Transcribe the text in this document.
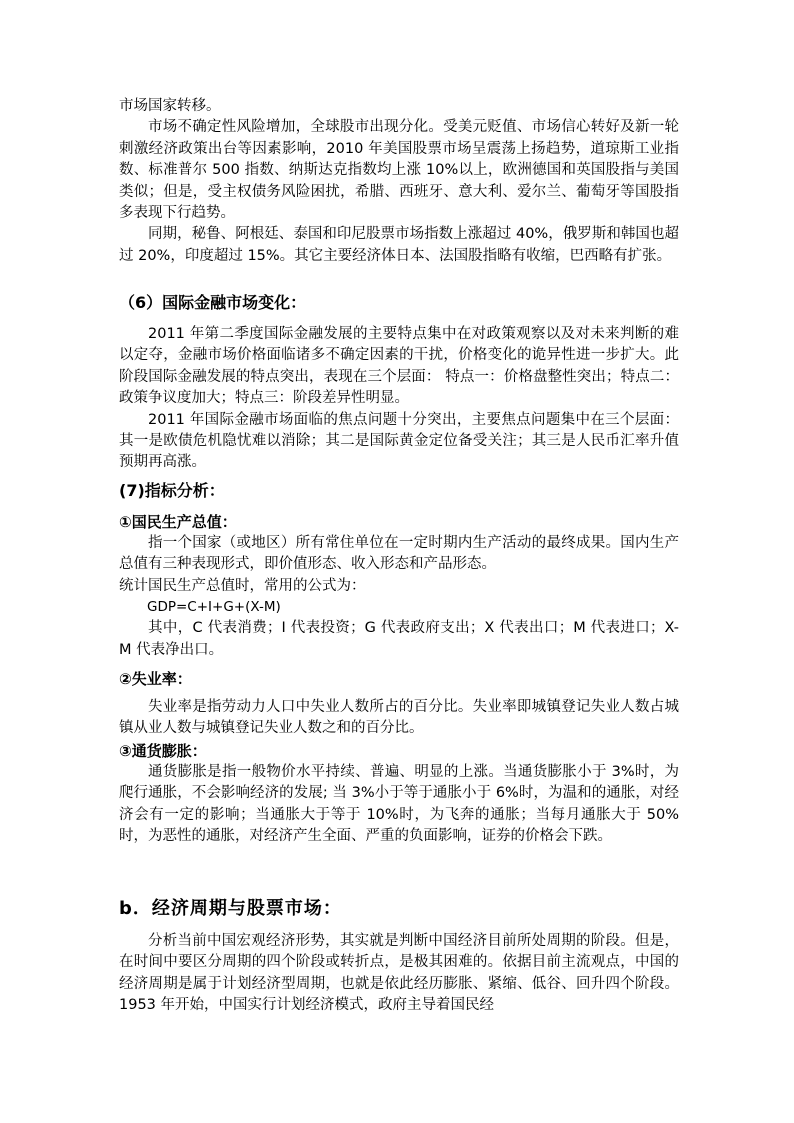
市场国家转移。

市场不确定性风险增加，全球股市出现分化。受美元贬值、市场信心转好及新一轮刺激经济政策出台等因素影响，2010 年美国股票市场呈震荡上扬趋势，道琼斯工业指数、标准普尔 500 指数、纳斯达克指数均上涨 10%以上，欧洲德国和英国股指与美国类似；但是，受主权债务风险困扰，希腊、西班牙、意大利、爱尔兰、葡萄牙等国股指多表现下行趋势。

同期，秘鲁、阿根廷、泰国和印尼股票市场指数上涨超过 40%，俄罗斯和韩国也超过 20%，印度超过 15%。其它主要经济体日本、法国股指略有收缩，巴西略有扩张。

（6）国际金融市场变化：

2011 年第二季度国际金融发展的主要特点集中在对政策观察以及对未来判断的难以定夺，金融市场价格面临诸多不确定因素的干扰，价格变化的诡异性进一步扩大。此阶段国际金融发展的特点突出，表现在三个层面： 特点一：价格盘整性突出；特点二：政策争议度加大；特点三：阶段差异性明显。

2011 年国际金融市场面临的焦点问题十分突出，主要焦点问题集中在三个层面： 其一是欧债危机隐忧难以消除；其二是国际黄金定位备受关注；其三是人民币汇率升值预期再高涨。

(7)指标分析：

①国民生产总值：

指一个国家（或地区）所有常住单位在一定时期内生产活动的最终成果。国内生产总值有三种表现形式，即价值形态、收入形态和产品形态。

统计国民生产总值时，常用的公式为：

GDP=C+I+G+(X-M)

其中，C 代表消费；I 代表投资；G 代表政府支出；X 代表出口；M 代表进口；X-M 代表净出口。

②失业率：

失业率是指劳动力人口中失业人数所占的百分比。失业率即城镇登记失业人数占城镇从业人数与城镇登记失业人数之和的百分比。

③通货膨胀：

通货膨胀是指一般物价水平持续、普遍、明显的上涨。当通货膨胀小于 3%时，为爬行通胀，不会影响经济的发展; 当 3%小于等于通胀小于 6%时，为温和的通胀，对经济会有一定的影响；当通胀大于等于 10%时，为飞奔的通胀；当每月通胀大于 50%时，为恶性的通胀，对经济产生全面、严重的负面影响，证券的价格会下跌。

b．经济周期与股票市场：

分析当前中国宏观经济形势，其实就是判断中国经济目前所处周期的阶段。但是，在时间中要区分周期的四个阶段或转折点，是极其困难的。依据目前主流观点，中国的经济周期是属于计划经济型周期，也就是依此经历膨胀、紧缩、低谷、回升四个阶段。1953 年开始，中国实行计划经济模式，政府主导着国民经
